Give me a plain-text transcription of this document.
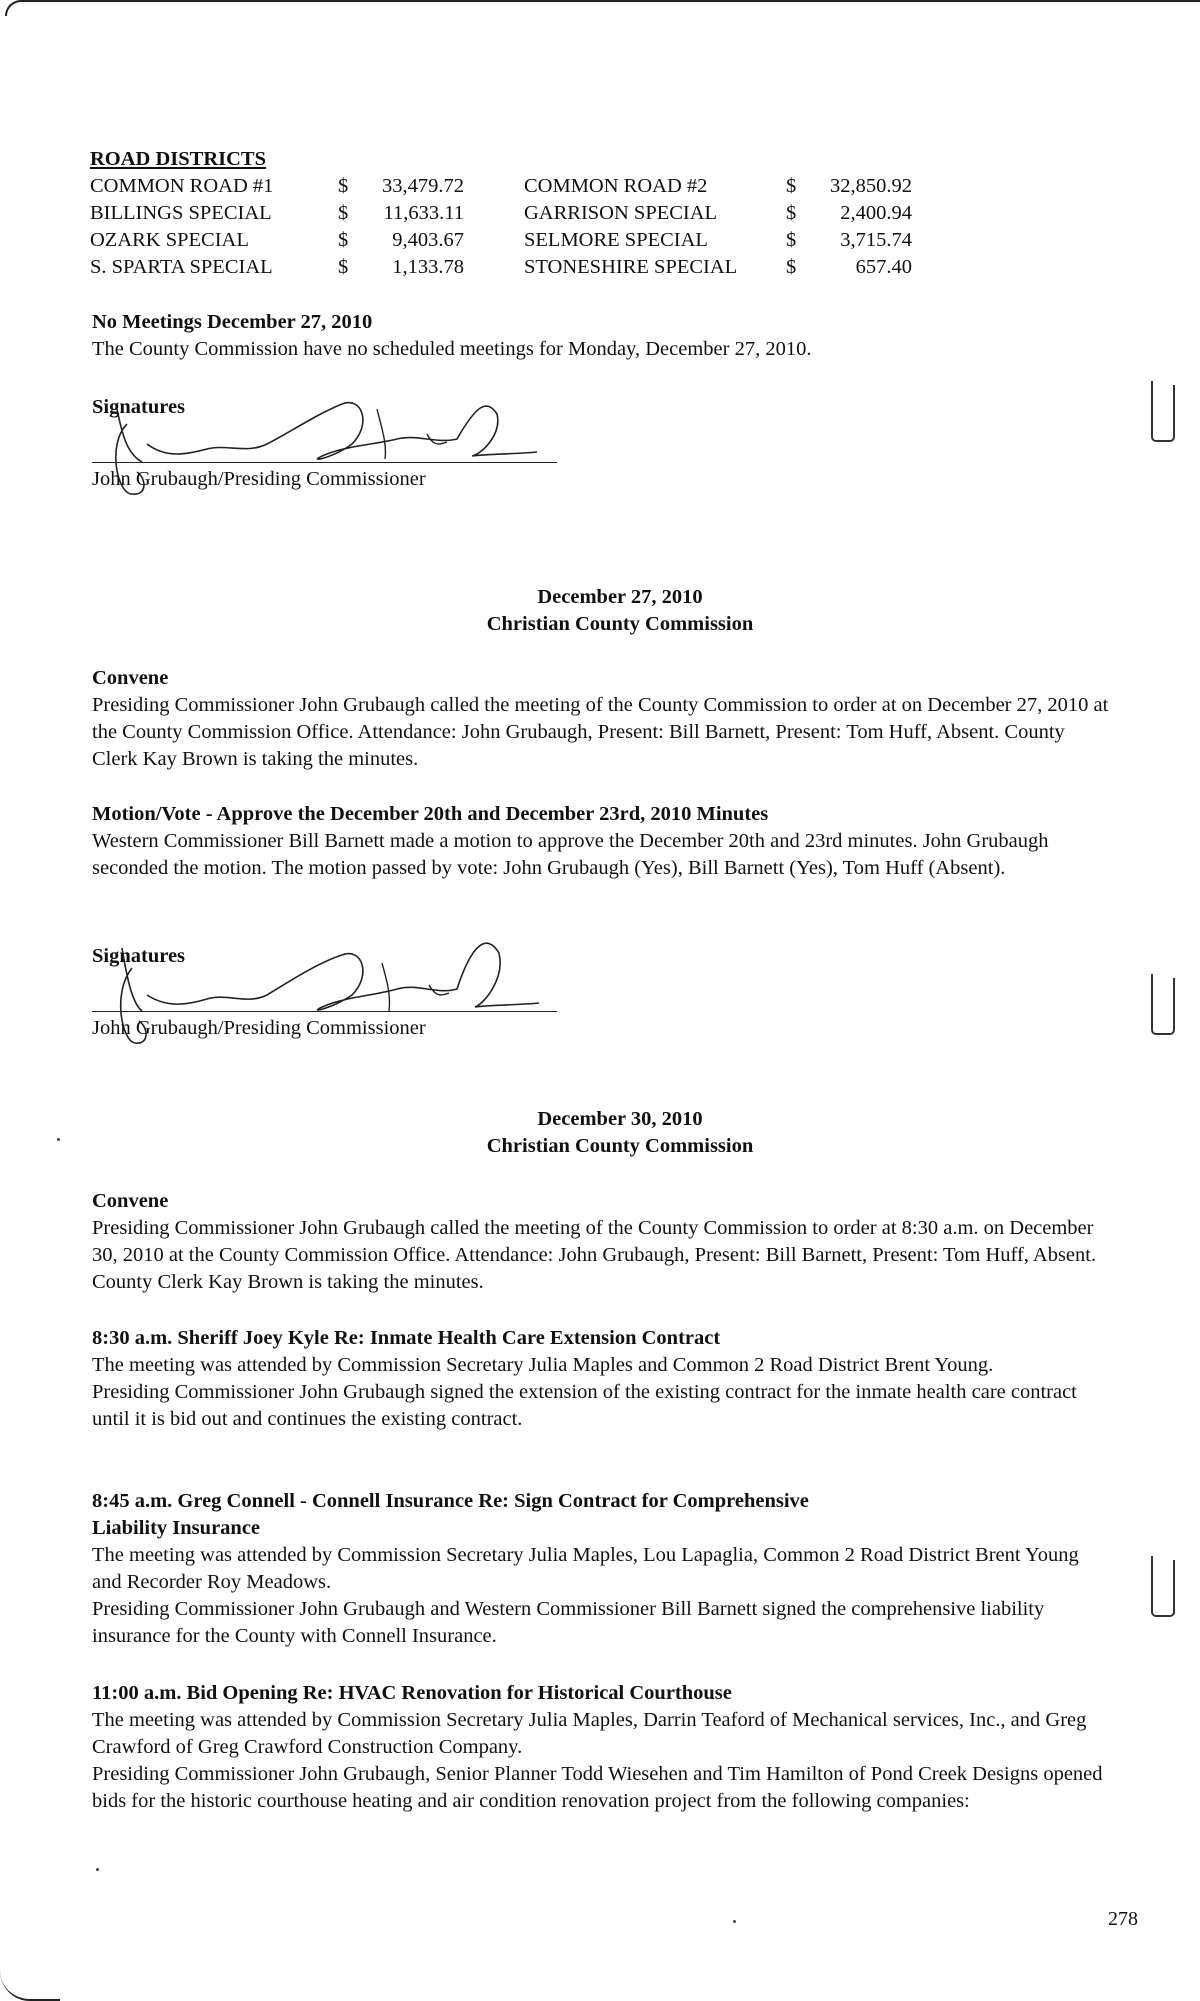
ROAD DISTRICTS
COMMON ROAD #1	$	33,479.72		COMMON ROAD #2	$	32,850.92
BILLINGS SPECIAL	$	11,633.11		GARRISON SPECIAL	$	2,400.94
OZARK SPECIAL	$	9,403.67		SELMORE SPECIAL	$	3,715.74
S. SPARTA SPECIAL	$	1,133.78		STONESHIRE SPECIAL	$	657.40

No Meetings December 27, 2010

The County Commission have no scheduled meetings for Monday, December 27, 2010.

Signatures
John Grubaugh/Presiding Commissioner
December 27, 2010
Christian County Commission

Convene

Presiding Commissioner John Grubaugh called the meeting of the County Commission to order at on December 27, 2010 at the County Commission Office. Attendance: John Grubaugh, Present: Bill Barnett, Present: Tom Huff, Absent. County Clerk Kay Brown is taking the minutes.

Motion/Vote - Approve the December 20th and December 23rd, 2010 Minutes

Western Commissioner Bill Barnett made a motion to approve the December 20th and 23rd minutes. John Grubaugh seconded the motion. The motion passed by vote: John Grubaugh (Yes), Bill Barnett (Yes), Tom Huff (Absent).

Signatures
John Grubaugh/Presiding Commissioner
December 30, 2010
Christian County Commission

Convene

Presiding Commissioner John Grubaugh called the meeting of the County Commission to order at 8:30 a.m. on December 30, 2010 at the County Commission Office. Attendance: John Grubaugh, Present: Bill Barnett, Present: Tom Huff, Absent. County Clerk Kay Brown is taking the minutes.

8:30 a.m. Sheriff Joey Kyle Re: Inmate Health Care Extension Contract

The meeting was attended by Commission Secretary Julia Maples and Common 2 Road District Brent Young.

Presiding Commissioner John Grubaugh signed the extension of the existing contract for the inmate health care contract until it is bid out and continues the existing contract.

8:45 a.m. Greg Connell - Connell Insurance Re: Sign Contract for Comprehensive

Liability Insurance

The meeting was attended by Commission Secretary Julia Maples, Lou Lapaglia, Common 2 Road District Brent Young and Recorder Roy Meadows.

Presiding Commissioner John Grubaugh and Western Commissioner Bill Barnett signed the comprehensive liability insurance for the County with Connell Insurance.

11:00 a.m. Bid Opening Re: HVAC Renovation for Historical Courthouse

The meeting was attended by Commission Secretary Julia Maples, Darrin Teaford of Mechanical services, Inc., and Greg Crawford of Greg Crawford Construction Company.

Presiding Commissioner John Grubaugh, Senior Planner Todd Wiesehen and Tim Hamilton of Pond Creek Designs opened bids for the historic courthouse heating and air condition renovation project from the following companies:

278
